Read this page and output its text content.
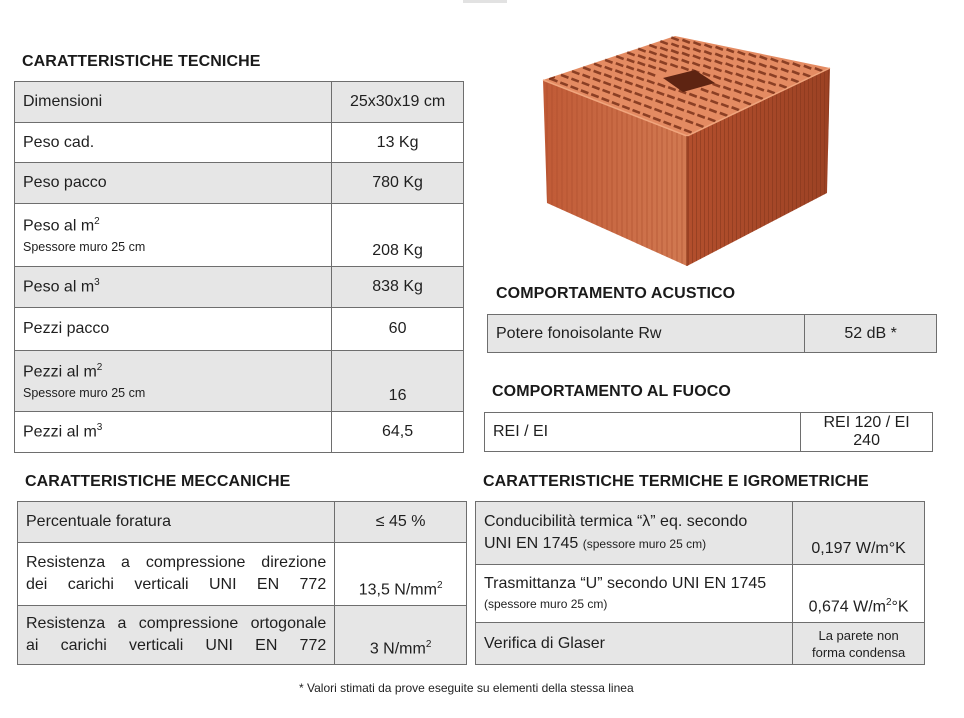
CARATTERISTICHE TECNICHE
Dimensioni	25x30x19 cm
Peso cad.	13 Kg
Peso pacco	780 Kg
Peso al $m^2$
Spessore muro 25 cm	208 Kg
Peso al $m^3$	838 Kg
Pezzi pacco	60
Pezzi al $m^2$
Spessore muro 25 cm	16
Pezzi al $m^3$	64,5
COMPORTAMENTO ACUSTICO
Potere fonoisolante Rw	52 dB *
COMPORTAMENTO AL FUOCO
REI / EI	REI 120 / EI 240
CARATTERISTICHE MECCANICHE
Percentuale foratura	≤ 45 %
Resistenza a compressione direzione
dei carichi verticali UNI EN 772	13,5 $N/mm^2$
Resistenza a compressione ortogonale
ai carichi verticali UNI EN 772	3 $N/mm^2$
CARATTERISTICHE TERMICHE E IGROMETRICHE
Conducibilità termica “λ” eq. secondo
UNI EN 1745 (spessore muro 25 cm)	0,197 W/m°K

Trasmittanza “U” secondo UNI EN 1745
(spessore muro 25 cm)	0,674 $W/m^2^\circ K$
Verifica di Glaser	La parete non
forma condensa
* Valori stimati da prove eseguite su elementi della stessa linea
